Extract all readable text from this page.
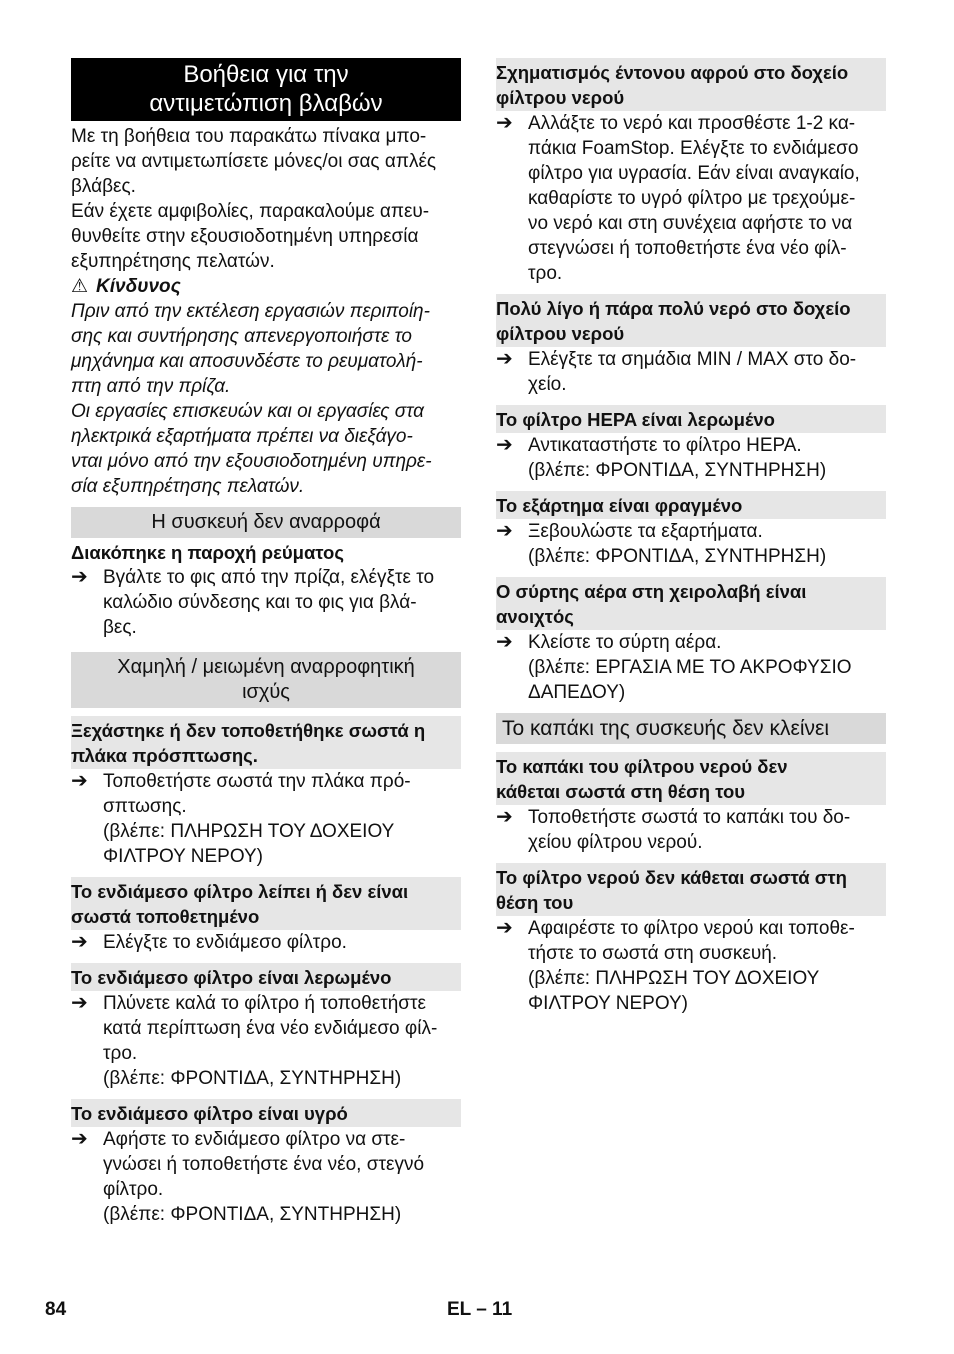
Βοήθεια για την
αντιμετώπιση βλαβών

Με τη βοήθεια του παρακάτω πίνακα μπο-

ρείτε να αντιμετωπίσετε μόνες/οι σας απλές

βλάβες.

Εάν έχετε αμφιβολίες, παρακαλούμε απευ-

θυνθείτε στην εξουσιοδοτημένη υπηρεσία

εξυπηρέτησης πελατών.

⚠ Κίνδυνος

Πριν από την εκτέλεση εργασιών περιποίη-

σης και συντήρησης απενεργοποιήστε το

μηχάνημα και αποσυνδέστε το ρευματολή-

πτη από την πρίζα.

Οι εργασίες επισκευών και οι εργασίες στα

ηλεκτρικά εξαρτήματα πρέπει να διεξάγο-

νται μόνο από την εξουσιοδοτημένη υπηρε-

σία εξυπηρέτησης πελατών.

Η συσκευή δεν αναρροφά
Διακόπηκε η παροχή ρεύματος
➔ Βγάλτε το φις από την πρίζα, ελέγξτε το
καλώδιο σύνδεσης και το φις για βλά-
βες.
Χαμηλή / μειωμένη αναρροφητική
ισχύς
Ξεχάστηκε ή δεν τοποθετήθηκε σωστά η
πλάκα πρόσπτωσης.
➔ Τοποθετήστε σωστά την πλάκα πρό-
σπτωσης.
(βλέπε: ΠΛΗΡΩΣΗ ΤΟΥ ΔΟΧΕΙΟΥ
ΦΙΛΤΡΟΥ ΝΕΡΟΥ)
Το ενδιάμεσο φίλτρο λείπει ή δεν είναι
σωστά τοποθετημένο
➔ Ελέγξτε το ενδιάμεσο φίλτρο.
Το ενδιάμεσο φίλτρο είναι λερωμένο
➔ Πλύνετε καλά το φίλτρο ή τοποθετήστε
κατά περίπτωση ένα νέο ενδιάμεσο φίλ-
τρο.
(βλέπε: ΦΡΟΝΤΙΔΑ, ΣΥΝΤΗΡΗΣΗ)
Το ενδιάμεσο φίλτρο είναι υγρό
➔ Αφήστε το ενδιάμεσο φίλτρο να στε-
γνώσει ή τοποθετήστε ένα νέο, στεγνό
φίλτρο.
(βλέπε: ΦΡΟΝΤΙΔΑ, ΣΥΝΤΗΡΗΣΗ)
Σχηματισμός έντονου αφρού στο δοχείο
φίλτρου νερού
➔ Αλλάξτε το νερό και προσθέστε 1-2 κα-
πάκια FoamStop. Ελέγξτε το ενδιάμεσο
φίλτρο για υγρασία. Εάν είναι αναγκαίο,
καθαρίστε το υγρό φίλτρο με τρεχούμε-
νο νερό και στη συνέχεια αφήστε το να
στεγνώσει ή τοποθετήστε ένα νέο φίλ-
τρο.
Πολύ λίγο ή πάρα πολύ νερό στο δοχείο
φίλτρου νερού
➔ Ελέγξτε τα σημάδια MIN / MAX στο δο-
χείο.
Το φίλτρο HEPA είναι λερωμένο
➔ Αντικαταστήστε το φίλτρο HEPA.
(βλέπε: ΦΡΟΝΤΙΔΑ, ΣΥΝΤΗΡΗΣΗ)
Το εξάρτημα είναι φραγμένο
➔ Ξεβουλώστε τα εξαρτήματα.
(βλέπε: ΦΡΟΝΤΙΔΑ, ΣΥΝΤΗΡΗΣΗ)
Ο σύρτης αέρα στη χειρολαβή είναι
ανοιχτός
➔ Κλείστε το σύρτη αέρα.
(βλέπε: ΕΡΓΑΣΙΑ ΜΕ ΤΟ ΑΚΡΟΦΥΣΙΟ
ΔΑΠΕΔΟΥ)
Το καπάκι της συσκευής δεν κλείνει
Το καπάκι του φίλτρου νερού δεν
κάθεται σωστά στη θέση του
➔ Τοποθετήστε σωστά το καπάκι του δο-
χείου φίλτρου νερού.
Το φίλτρο νερού δεν κάθεται σωστά στη
θέση του
➔ Αφαιρέστε το φίλτρο νερού και τοποθε-
τήστε το σωστά στη συσκευή.
(βλέπε: ΠΛΗΡΩΣΗ ΤΟΥ ΔΟΧΕΙΟΥ
ΦΙΛΤΡΟΥ ΝΕΡΟΥ)
84	EL – 11
